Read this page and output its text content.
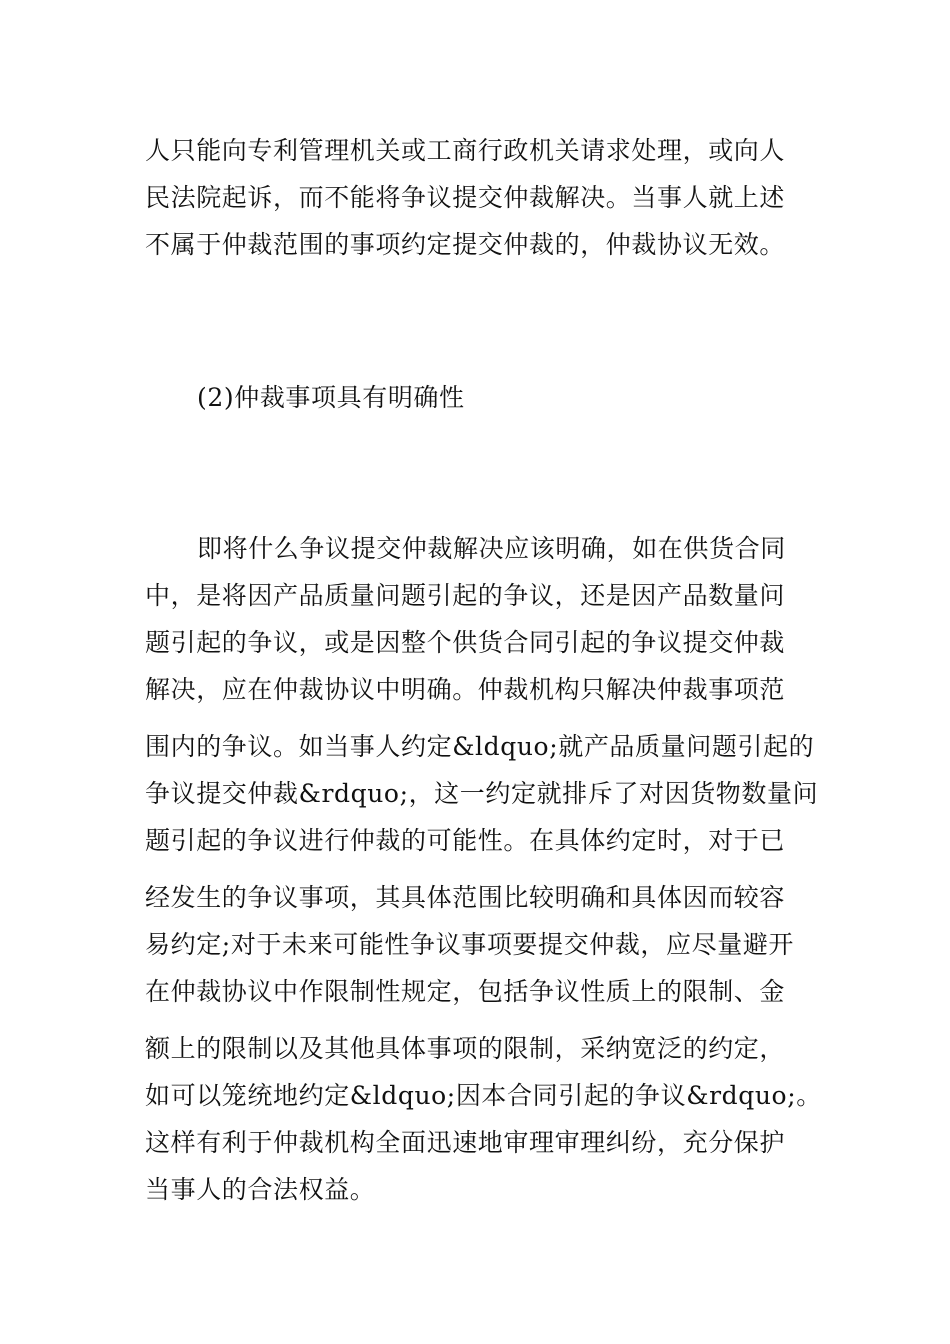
人只能向专利管理机关或工商行政机关请求处理，或向人
民法院起诉，而不能将争议提交仲裁解决。当事人就上述
不属于仲裁范围的事项约定提交仲裁的，仲裁协议无效。
(2)仲裁事项具有明确性
即将什么争议提交仲裁解决应该明确，如在供货合同
中，是将因产品质量问题引起的争议，还是因产品数量问
题引起的争议，或是因整个供货合同引起的争议提交仲裁
解决，应在仲裁协议中明确。仲裁机构只解决仲裁事项范
围内的争议。如当事人约定&ldquo;就产品质量问题引起的
争议提交仲裁&rdquo;，这一约定就排斥了对因货物数量问
题引起的争议进行仲裁的可能性。在具体约定时，对于已
经发生的争议事项，其具体范围比较明确和具体因而较容
易约定;对于未来可能性争议事项要提交仲裁，应尽量避开
在仲裁协议中作限制性规定，包括争议性质上的限制、金
额上的限制以及其他具体事项的限制，采纳宽泛的约定，
如可以笼统地约定&ldquo;因本合同引起的争议&rdquo;。
这样有利于仲裁机构全面迅速地审理审理纠纷，充分保护
当事人的合法权益。
